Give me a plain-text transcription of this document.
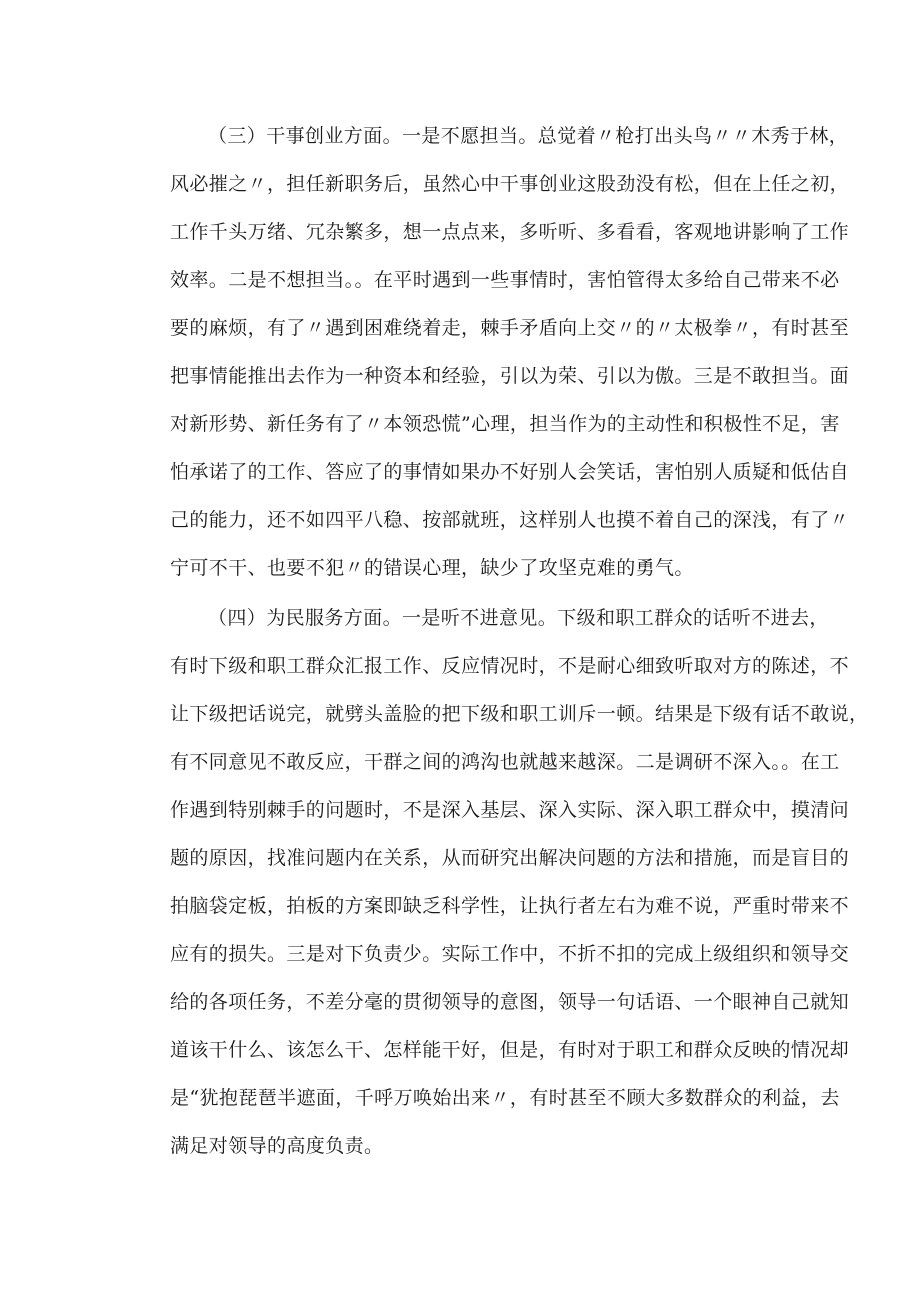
（三）干事创业方面。一是不愿担当。总觉着〃枪打出头鸟〃〃木秀于林，
风必摧之〃，担任新职务后，虽然心中干事创业这股劲没有松，但在上任之初，
工作千头万绪、冗杂繁多，想一点点来，多听听、多看看，客观地讲影响了工作
效率。二是不想担当。。在平时遇到一些事情时，害怕管得太多给自己带来不必
要的麻烦，有了〃遇到困难绕着走，棘手矛盾向上交〃的〃太极拳〃，有时甚至
把事情能推出去作为一种资本和经验，引以为荣、引以为傲。三是不敢担当。面
对新形势、新任务有了〃本领恐慌”心理，担当作为的主动性和积极性不足，害
怕承诺了的工作、答应了的事情如果办不好别人会笑话，害怕别人质疑和低估自
己的能力，还不如四平八稳、按部就班，这样别人也摸不着自己的深浅，有了〃
宁可不干、也要不犯〃的错误心理，缺少了攻坚克难的勇气。
（四）为民服务方面。一是听不进意见。下级和职工群众的话听不进去，
有时下级和职工群众汇报工作、反应情况时，不是耐心细致听取对方的陈述，不
让下级把话说完，就劈头盖脸的把下级和职工训斥一顿。结果是下级有话不敢说，
有不同意见不敢反应，干群之间的鸿沟也就越来越深。二是调研不深入。。在工
作遇到特别棘手的问题时，不是深入基层、深入实际、深入职工群众中，摸清问
题的原因，找准问题内在关系，从而研究出解决问题的方法和措施，而是盲目的
拍脑袋定板，拍板的方案即缺乏科学性，让执行者左右为难不说，严重时带来不
应有的损失。三是对下负责少。实际工作中，不折不扣的完成上级组织和领导交
给的各项任务，不差分毫的贯彻领导的意图，领导一句话语、一个眼神自己就知
道该干什么、该怎么干、怎样能干好，但是，有时对于职工和群众反映的情况却
是“犹抱琵琶半遮面，千呼万唤始出来〃，有时甚至不顾大多数群众的利益，去
满足对领导的高度负责。
